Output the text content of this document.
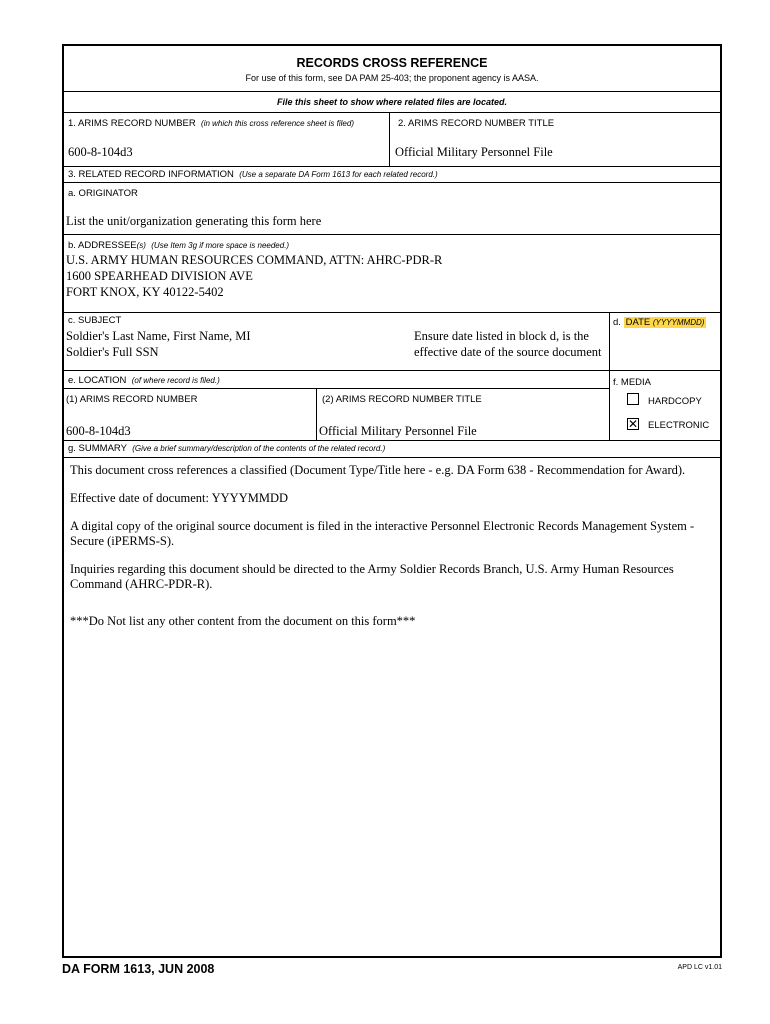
RECORDS CROSS REFERENCE
For use of this form, see DA PAM 25-403; the proponent agency is AASA.
File this sheet to show where related files are located.
1. ARIMS RECORD NUMBER (in which this cross reference sheet is filed)
600-8-104d3
2. ARIMS RECORD NUMBER TITLE
Official Military Personnel File
3. RELATED RECORD INFORMATION (Use a separate DA Form 1613 for each related record.)
a. ORIGINATOR
List the unit/organization generating this form here
b. ADDRESSEE(s) (Use Item 3g if more space is needed.)
U.S. ARMY HUMAN RESOURCES COMMAND, ATTN: AHRC-PDR-R
1600 SPEARHEAD DIVISION AVE
FORT KNOX, KY 40122-5402
c. SUBJECT
Soldier's Last Name, First Name, MI
Soldier's Full SSN
Ensure date listed in block d, is the
effective date of the source document
d. DATE (YYYYMMDD)
e. LOCATION (of where record is filed.)
(1) ARIMS RECORD NUMBER
600-8-104d3
(2) ARIMS RECORD NUMBER TITLE
Official Military Personnel File
f. MEDIA
HARDCOPY
✕ ELECTRONIC
g. SUMMARY (Give a brief summary/description of the contents of the related record.)

This document cross references a classified (Document Type/Title here - e.g. DA Form 638 - Recommendation for Award).

Effective date of document: YYYYMMDD

A digital copy of the original source document is filed in the interactive Personnel Electronic Records Management System - Secure (iPERMS-S).

Inquiries regarding this document should be directed to the Army Soldier Records Branch, U.S. Army Human Resources Command (AHRC-PDR-R).

***Do Not list any other content from the document on this form***

DA FORM 1613, JUN 2008	APD LC v1.01
